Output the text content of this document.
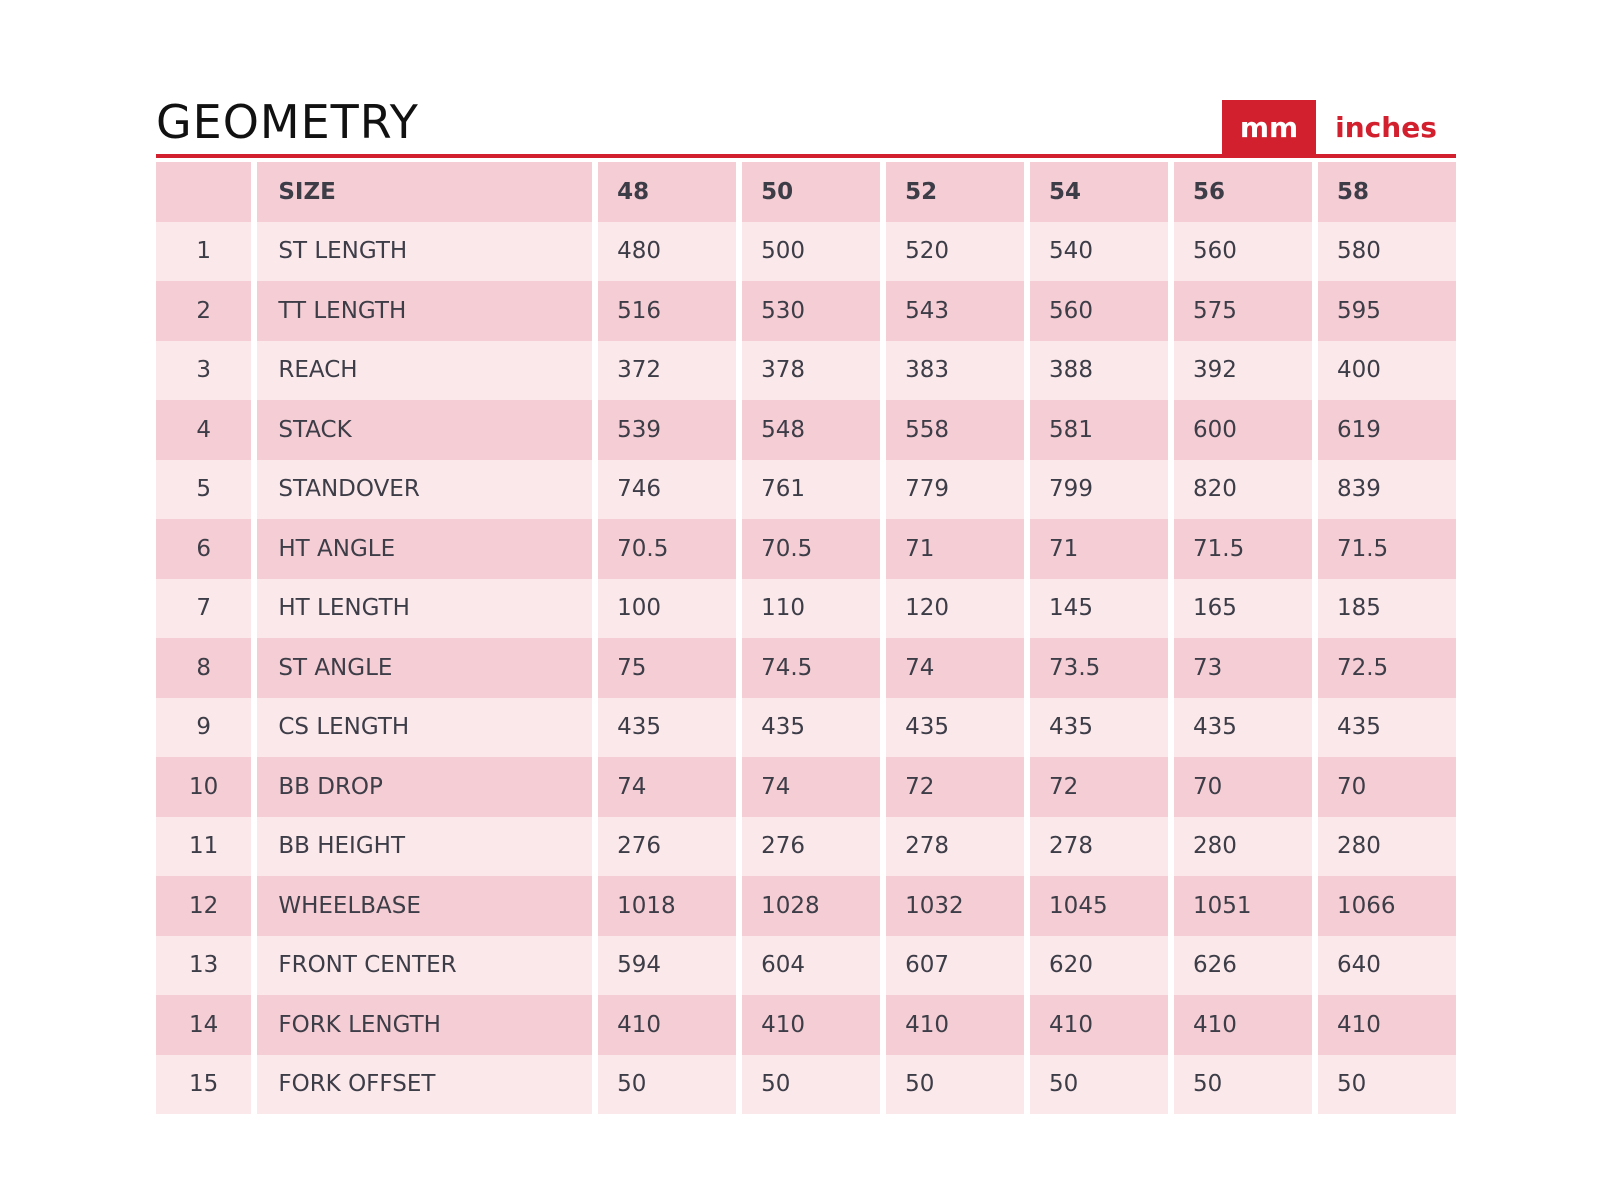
GEOMETRY	mm	inches
	SIZE	48	50	52	54	56	58
1	ST LENGTH	480	500	520	540	560	580
2	TT LENGTH	516	530	543	560	575	595
3	REACH	372	378	383	388	392	400
4	STACK	539	548	558	581	600	619
5	STANDOVER	746	761	779	799	820	839
6	HT ANGLE	70.5	70.5	71	71	71.5	71.5
7	HT LENGTH	100	110	120	145	165	185
8	ST ANGLE	75	74.5	74	73.5	73	72.5
9	CS LENGTH	435	435	435	435	435	435
10	BB DROP	74	74	72	72	70	70
11	BB HEIGHT	276	276	278	278	280	280
12	WHEELBASE	1018	1028	1032	1045	1051	1066
13	FRONT CENTER	594	604	607	620	626	640
14	FORK LENGTH	410	410	410	410	410	410
15	FORK OFFSET	50	50	50	50	50	50
